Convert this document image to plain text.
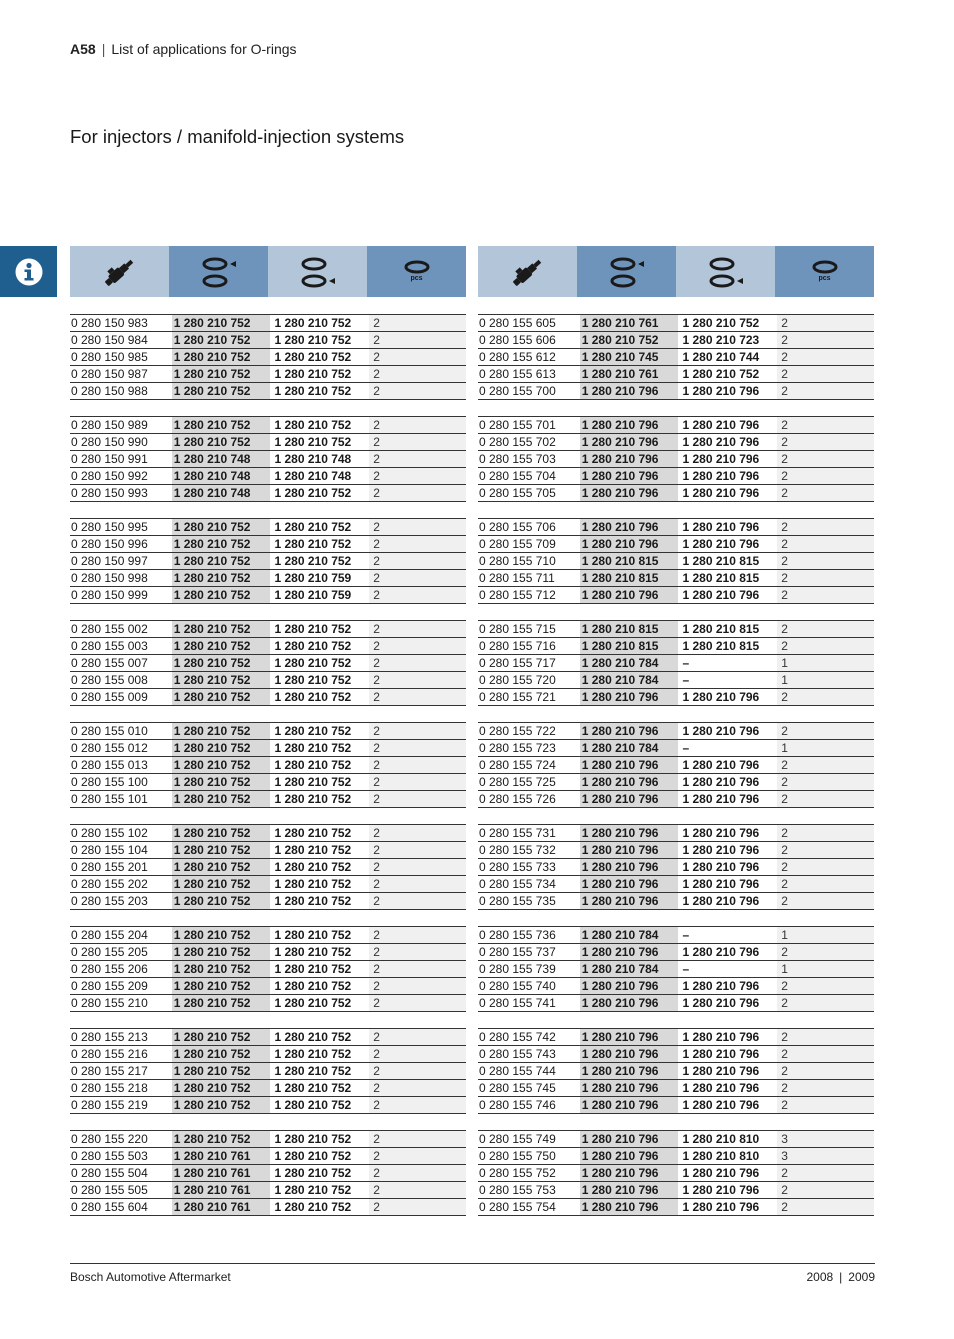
A58 | List of applications for O-rings
For injectors / manifold-injection systems
pcs
0 280 150 983	1 280 210 752	1 280 210 752	2
0 280 150 984	1 280 210 752	1 280 210 752	2
0 280 150 985	1 280 210 752	1 280 210 752	2
0 280 150 987	1 280 210 752	1 280 210 752	2
0 280 150 988	1 280 210 752	1 280 210 752	2
0 280 150 989	1 280 210 752	1 280 210 752	2
0 280 150 990	1 280 210 752	1 280 210 752	2
0 280 150 991	1 280 210 748	1 280 210 748	2
0 280 150 992	1 280 210 748	1 280 210 748	2
0 280 150 993	1 280 210 748	1 280 210 752	2
0 280 150 995	1 280 210 752	1 280 210 752	2
0 280 150 996	1 280 210 752	1 280 210 752	2
0 280 150 997	1 280 210 752	1 280 210 752	2
0 280 150 998	1 280 210 752	1 280 210 759	2
0 280 150 999	1 280 210 752	1 280 210 759	2
0 280 155 002	1 280 210 752	1 280 210 752	2
0 280 155 003	1 280 210 752	1 280 210 752	2
0 280 155 007	1 280 210 752	1 280 210 752	2
0 280 155 008	1 280 210 752	1 280 210 752	2
0 280 155 009	1 280 210 752	1 280 210 752	2
0 280 155 010	1 280 210 752	1 280 210 752	2
0 280 155 012	1 280 210 752	1 280 210 752	2
0 280 155 013	1 280 210 752	1 280 210 752	2
0 280 155 100	1 280 210 752	1 280 210 752	2
0 280 155 101	1 280 210 752	1 280 210 752	2
0 280 155 102	1 280 210 752	1 280 210 752	2
0 280 155 104	1 280 210 752	1 280 210 752	2
0 280 155 201	1 280 210 752	1 280 210 752	2
0 280 155 202	1 280 210 752	1 280 210 752	2
0 280 155 203	1 280 210 752	1 280 210 752	2
0 280 155 204	1 280 210 752	1 280 210 752	2
0 280 155 205	1 280 210 752	1 280 210 752	2
0 280 155 206	1 280 210 752	1 280 210 752	2
0 280 155 209	1 280 210 752	1 280 210 752	2
0 280 155 210	1 280 210 752	1 280 210 752	2
0 280 155 213	1 280 210 752	1 280 210 752	2
0 280 155 216	1 280 210 752	1 280 210 752	2
0 280 155 217	1 280 210 752	1 280 210 752	2
0 280 155 218	1 280 210 752	1 280 210 752	2
0 280 155 219	1 280 210 752	1 280 210 752	2
0 280 155 220	1 280 210 752	1 280 210 752	2
0 280 155 503	1 280 210 761	1 280 210 752	2
0 280 155 504	1 280 210 761	1 280 210 752	2
0 280 155 505	1 280 210 761	1 280 210 752	2
0 280 155 604	1 280 210 761	1 280 210 752	2
pcs
0 280 155 605	1 280 210 761	1 280 210 752	2
0 280 155 606	1 280 210 752	1 280 210 723	2
0 280 155 612	1 280 210 745	1 280 210 744	2
0 280 155 613	1 280 210 761	1 280 210 752	2
0 280 155 700	1 280 210 796	1 280 210 796	2
0 280 155 701	1 280 210 796	1 280 210 796	2
0 280 155 702	1 280 210 796	1 280 210 796	2
0 280 155 703	1 280 210 796	1 280 210 796	2
0 280 155 704	1 280 210 796	1 280 210 796	2
0 280 155 705	1 280 210 796	1 280 210 796	2
0 280 155 706	1 280 210 796	1 280 210 796	2
0 280 155 709	1 280 210 796	1 280 210 796	2
0 280 155 710	1 280 210 815	1 280 210 815	2
0 280 155 711	1 280 210 815	1 280 210 815	2
0 280 155 712	1 280 210 796	1 280 210 796	2
0 280 155 715	1 280 210 815	1 280 210 815	2
0 280 155 716	1 280 210 815	1 280 210 815	2
0 280 155 717	1 280 210 784	–	1
0 280 155 720	1 280 210 784	–	1
0 280 155 721	1 280 210 796	1 280 210 796	2
0 280 155 722	1 280 210 796	1 280 210 796	2
0 280 155 723	1 280 210 784	–	1
0 280 155 724	1 280 210 796	1 280 210 796	2
0 280 155 725	1 280 210 796	1 280 210 796	2
0 280 155 726	1 280 210 796	1 280 210 796	2
0 280 155 731	1 280 210 796	1 280 210 796	2
0 280 155 732	1 280 210 796	1 280 210 796	2
0 280 155 733	1 280 210 796	1 280 210 796	2
0 280 155 734	1 280 210 796	1 280 210 796	2
0 280 155 735	1 280 210 796	1 280 210 796	2
0 280 155 736	1 280 210 784	–	1
0 280 155 737	1 280 210 796	1 280 210 796	2
0 280 155 739	1 280 210 784	–	1
0 280 155 740	1 280 210 796	1 280 210 796	2
0 280 155 741	1 280 210 796	1 280 210 796	2
0 280 155 742	1 280 210 796	1 280 210 796	2
0 280 155 743	1 280 210 796	1 280 210 796	2
0 280 155 744	1 280 210 796	1 280 210 796	2
0 280 155 745	1 280 210 796	1 280 210 796	2
0 280 155 746	1 280 210 796	1 280 210 796	2
0 280 155 749	1 280 210 796	1 280 210 810	3
0 280 155 750	1 280 210 796	1 280 210 810	3
0 280 155 752	1 280 210 796	1 280 210 796	2
0 280 155 753	1 280 210 796	1 280 210 796	2
0 280 155 754	1 280 210 796	1 280 210 796	2
Bosch Automotive Aftermarket	2008 | 2009
